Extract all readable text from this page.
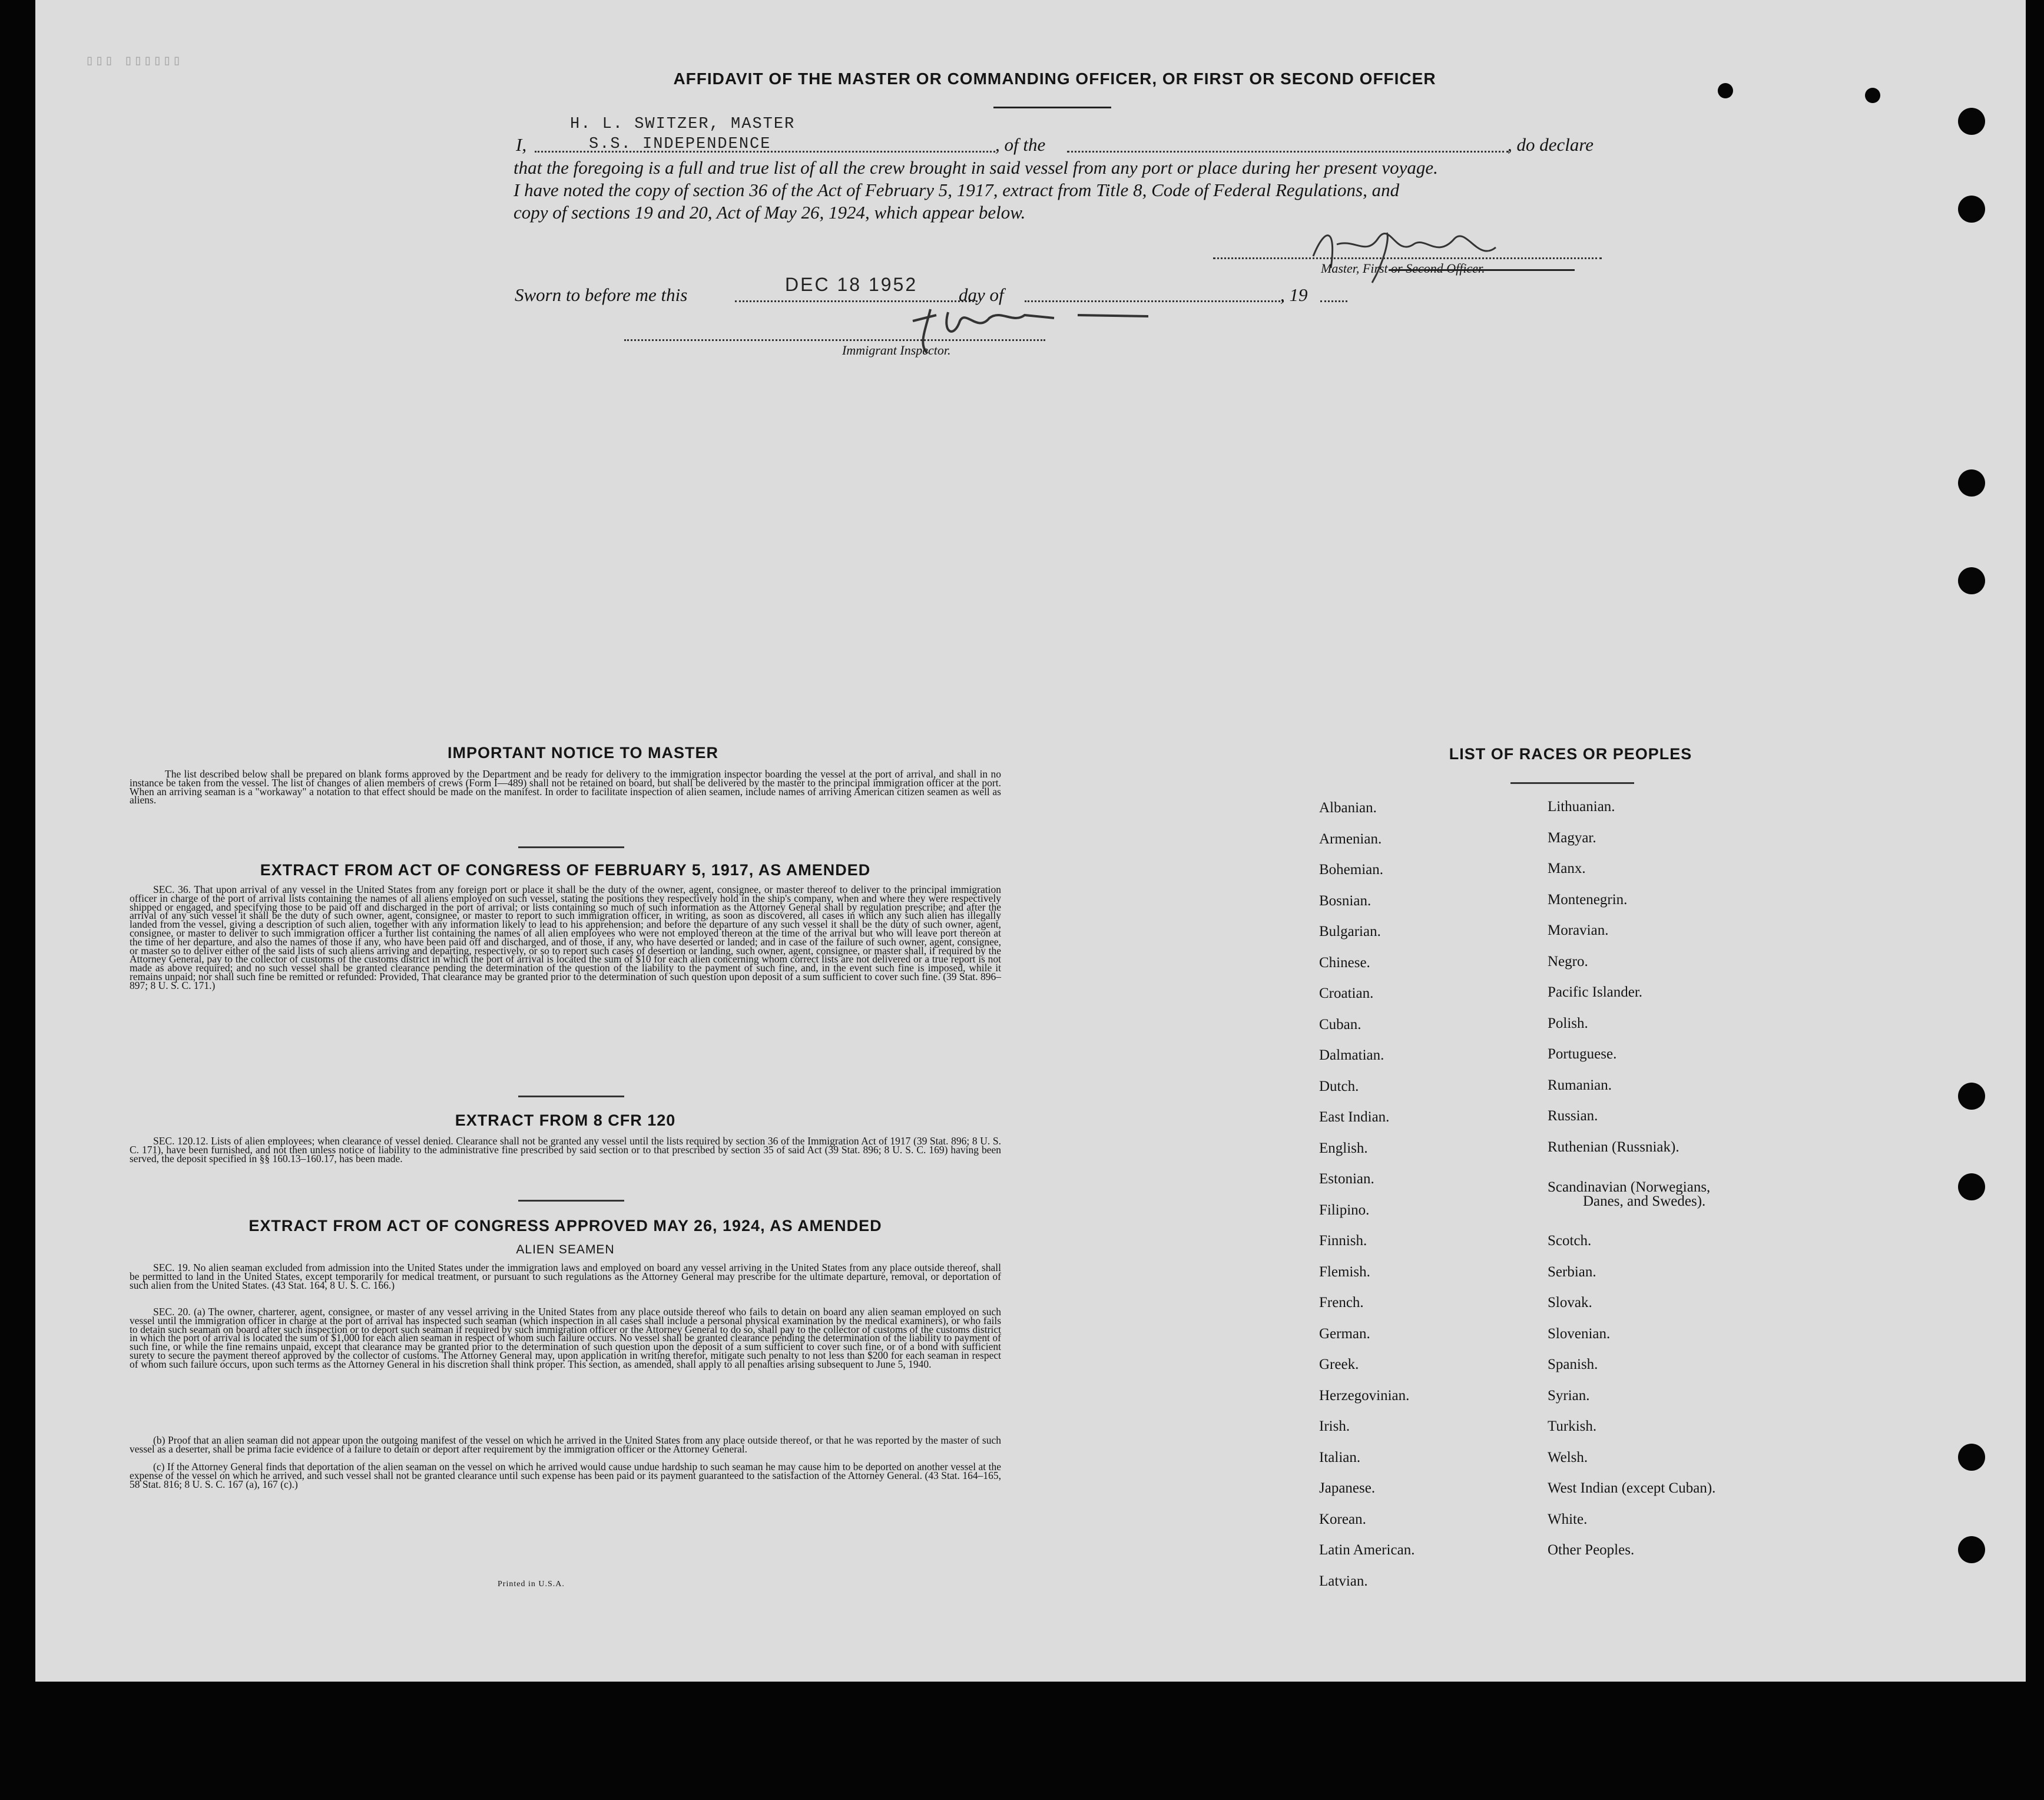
▯▯▯ ▯▯▯▯▯▯
AFFIDAVIT OF THE MASTER OR COMMANDING OFFICER, OR FIRST OR SECOND OFFICER
H. L. SWITZER, MASTER
I,	S.S. INDEPENDENCE	, of the	, do declare
that the foregoing is a full and true list of all the crew brought in said vessel from any port or place during her present voyage.
I have noted the copy of section 36 of the Act of February 5, 1917, extract from Title 8, Code of Federal Regulations, and
copy of sections 19 and 20, Act of May 26, 1924, which appear below.
Master, First or Second Officer.
Sworn to before me this	DEC 18 1952 day of	, 19
Immigrant Inspector.
IMPORTANT NOTICE TO MASTER

The list described below shall be prepared on blank forms approved by the Department and be ready for delivery to the immigration inspector boarding the vessel at the port of arrival, and shall in no instance be taken from the vessel. The list of changes of alien members of crews (Form I—489) shall not be retained on board, but shall be delivered by the master to the principal immigration officer at the port. When an arriving seaman is a "workaway" a notation to that effect should be made on the manifest. In order to facilitate inspection of alien seamen, include names of arriving American citizen seamen as well as aliens.

EXTRACT FROM ACT OF CONGRESS OF FEBRUARY 5, 1917, AS AMENDED

SEC. 36. That upon arrival of any vessel in the United States from any foreign port or place it shall be the duty of the owner, agent, consignee, or master thereof to deliver to the principal immigration officer in charge of the port of arrival lists containing the names of all aliens employed on such vessel, stating the positions they respectively hold in the ship's company, when and where they were respectively shipped or engaged, and specifying those to be paid off and discharged in the port of arrival; or lists containing so much of such information as the Attorney General shall by regulation prescribe; and after the arrival of any such vessel it shall be the duty of such owner, agent, consignee, or master to report to such immigration officer, in writing, as soon as discovered, all cases in which any such alien has illegally landed from the vessel, giving a description of such alien, together with any information likely to lead to his apprehension; and before the departure of any such vessel it shall be the duty of such owner, agent, consignee, or master to deliver to such immigration officer a further list containing the names of all alien employees who were not employed thereon at the time of the arrival but who will leave port thereon at the time of her departure, and also the names of those if any, who have been paid off and discharged, and of those, if any, who have deserted or landed; and in case of the failure of such owner, agent, consignee, or master so to deliver either of the said lists of such aliens arriving and departing, respectively, or so to report such cases of desertion or landing, such owner, agent, consignee, or master shall, if required by the Attorney General, pay to the collector of customs of the customs district in which the port of arrival is located the sum of $10 for each alien concerning whom correct lists are not delivered or a true report is not made as above required; and no such vessel shall be granted clearance pending the determination of the question of the liability to the payment of such fine, and, in the event such fine is imposed, while it remains unpaid; nor shall such fine be remitted or refunded: Provided, That clearance may be granted prior to the determination of such question upon deposit of a sum sufficient to cover such fine. (39 Stat. 896–897; 8 U. S. C. 171.)

EXTRACT FROM 8 CFR 120

SEC. 120.12. Lists of alien employees; when clearance of vessel denied. Clearance shall not be granted any vessel until the lists required by section 36 of the Immigration Act of 1917 (39 Stat. 896; 8 U. S. C. 171), have been furnished, and not then unless notice of liability to the administrative fine prescribed by said section or to that prescribed by section 35 of said Act (39 Stat. 896; 8 U. S. C. 169) having been served, the deposit specified in §§ 160.13–160.17, has been made.

EXTRACT FROM ACT OF CONGRESS APPROVED MAY 26, 1924, AS AMENDED
ALIEN SEAMEN

SEC. 19. No alien seaman excluded from admission into the United States under the immigration laws and employed on board any vessel arriving in the United States from any place outside thereof, shall be permitted to land in the United States, except temporarily for medical treatment, or pursuant to such regulations as the Attorney General may prescribe for the ultimate departure, removal, or deportation of such alien from the United States. (43 Stat. 164, 8 U. S. C. 166.)

SEC. 20. (a) The owner, charterer, agent, consignee, or master of any vessel arriving in the United States from any place outside thereof who fails to detain on board any alien seaman employed on such vessel until the immigration officer in charge at the port of arrival has inspected such seaman (which inspection in all cases shall include a personal physical examination by the medical examiners), or who fails to detain such seaman on board after such inspection or to deport such seaman if required by such immigration officer or the Attorney General to do so, shall pay to the collector of customs of the customs district in which the port of arrival is located the sum of $1,000 for each alien seaman in respect of whom such failure occurs. No vessel shall be granted clearance pending the determination of the liability to payment of such fine, or while the fine remains unpaid, except that clearance may be granted prior to the determination of such question upon the deposit of a sum sufficient to cover such fine, or of a bond with sufficient surety to secure the payment thereof approved by the collector of customs. The Attorney General may, upon application in writing therefor, mitigate such penalty to not less than $200 for each seaman in respect of whom such failure occurs, upon such terms as the Attorney General in his discretion shall think proper. This section, as amended, shall apply to all penalties arising subsequent to June 5, 1940.

(b) Proof that an alien seaman did not appear upon the outgoing manifest of the vessel on which he arrived in the United States from any place outside thereof, or that he was reported by the master of such vessel as a deserter, shall be prima facie evidence of a failure to detain or deport after requirement by the immigration officer or the Attorney General.

(c) If the Attorney General finds that deportation of the alien seaman on the vessel on which he arrived would cause undue hardship to such seaman he may cause him to be deported on another vessel at the expense of the vessel on which he arrived, and such vessel shall not be granted clearance until such expense has been paid or its payment guaranteed to the satisfaction of the Attorney General. (43 Stat. 164–165, 58 Stat. 816; 8 U. S. C. 167 (a), 167 (c).)

Printed in U.S.A.
LIST OF RACES OR PEOPLES
Albanian.
Armenian.
Bohemian.
Bosnian.
Bulgarian.
Chinese.
Croatian.
Cuban.
Dalmatian.
Dutch.
East Indian.
English.
Estonian.
Filipino.
Finnish.
Flemish.
French.
German.
Greek.
Herzegovinian.
Irish.
Italian.
Japanese.
Korean.
Latin American.
Latvian.
Lithuanian.
Magyar.
Manx.
Montenegrin.
Moravian.
Negro.
Pacific Islander.
Polish.
Portuguese.
Rumanian.
Russian.
Ruthenian (Russniak).
Scandinavian (Norwegians,
Danes, and Swedes).
Scotch.
Serbian.
Slovak.
Slovenian.
Spanish.
Syrian.
Turkish.
Welsh.
West Indian (except Cuban).
White.
Other Peoples.
